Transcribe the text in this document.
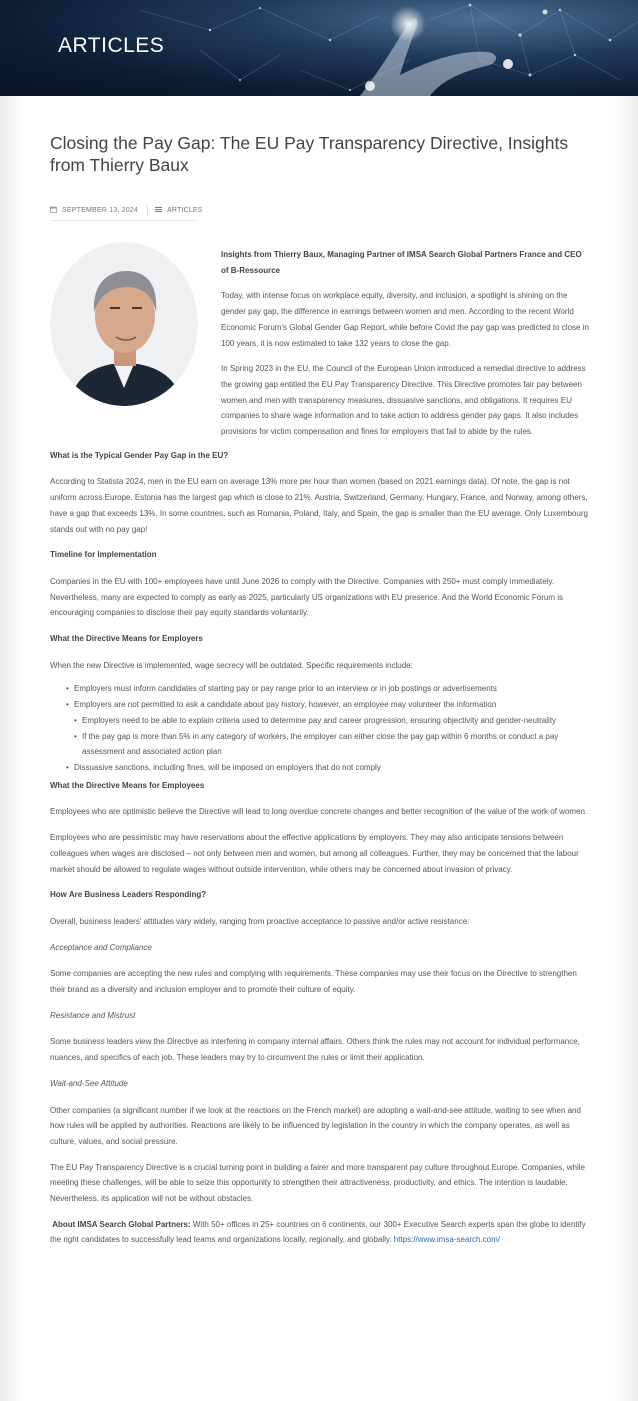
ARTICLES
Closing the Pay Gap: The EU Pay Transparency Directive, Insights from Thierry Baux
SEPTEMBER 13, 2024	ARTICLES

Insights from Thierry Baux, Managing Partner of IMSA Search Global Partners France and CEO of B-Ressource

Today, with intense focus on workplace equity, diversity, and inclusion, a spotlight is shining on the gender pay gap, the difference in earnings between women and men. According to the recent World Economic Forum's Global Gender Gap Report, while before Covid the pay gap was predicted to close in 100 years, it is now estimated to take 132 years to close the gap.

In Spring 2023 in the EU, the Council of the European Union introduced a remedial directive to address the growing gap entitled the EU Pay Transparency Directive. This Directive promotes fair pay between women and men with transparency measures, dissuasive sanctions, and obligations. It requires EU companies to share wage information and to take action to address gender pay gaps. It also includes provisions for victim compensation and fines for employers that fail to abide by the rules.

What is the Typical Gender Pay Gap in the EU?

According to Statista 2024, men in the EU earn on average 13% more per hour than women (based on 2021 earnings data). Of note, the gap is not uniform across Europe. Estonia has the largest gap which is close to 21%. Austria, Switzerland, Germany, Hungary, France, and Norway, among others, have a gap that exceeds 13%. In some countries, such as Romania, Poland, Italy, and Spain, the gap is smaller than the EU average. Only Luxembourg stands out with no pay gap!

Timeline for Implementation

Companies in the EU with 100+ employees have until June 2026 to comply with the Directive. Companies with 250+ must comply immediately. Nevertheless, many are expected to comply as early as 2025, particularly US organizations with EU presence. And the World Economic Forum is encouraging companies to disclose their pay equity standards voluntarily.

What the Directive Means for Employers

When the new Directive is implemented, wage secrecy will be outdated. Specific requirements include:

• Employers must inform candidates of starting pay or pay range prior to an interview or in job postings or advertisements
• Employers are not permitted to ask a candidate about pay history, however, an employee may volunteer the information
• Employers need to be able to explain criteria used to determine pay and career progression, ensuring objectivity and gender-neutrality
• If the pay gap is more than 5% in any category of workers, the employer can either close the pay gap within 6 months or conduct a pay assessment and associated action plan
• Dissuasive sanctions, including fines, will be imposed on employers that do not comply
What the Directive Means for Employees

Employees who are optimistic believe the Directive will lead to long overdue concrete changes and better recognition of the value of the work of women.

Employees who are pessimistic may have reservations about the effective applications by employers. They may also anticipate tensions between colleagues when wages are disclosed – not only between men and women, but among all colleagues. Further, they may be concerned that the labour market should be allowed to regulate wages without outside intervention, while others may be concerned about invasion of privacy.

How Are Business Leaders Responding?

Overall, business leaders' attitudes vary widely, ranging from proactive acceptance to passive and/or active resistance:

Acceptance and Compliance

Some companies are accepting the new rules and complying with requirements. These companies may use their focus on the Directive to strengthen their brand as a diversity and inclusion employer and to promote their culture of equity.

Resistance and Mistrust

Some business leaders view the Directive as interfering in company internal affairs. Others think the rules may not account for individual performance, nuances, and specifics of each job. These leaders may try to circumvent the rules or limit their application.

Wait-and-See Attitude

Other companies (a significant number if we look at the reactions on the French market) are adopting a wait-and-see attitude, waiting to see when and how rules will be applied by authorities. Reactions are likely to be influenced by legislation in the country in which the company operates, as well as culture, values, and social pressure.

The EU Pay Transparency Directive is a crucial turning point in building a fairer and more transparent pay culture throughout Europe. Companies, while meeting these challenges, will be able to seize this opportunity to strengthen their attractiveness, productivity, and ethics. The intention is laudable. Nevertheless, its application will not be without obstacles.

About IMSA Search Global Partners: With 50+ offices in 25+ countries on 6 continents, our 300+ Executive Search experts span the globe to identify the right candidates to successfully lead teams and organizations locally, regionally, and globally. https://www.imsa-search.com/
